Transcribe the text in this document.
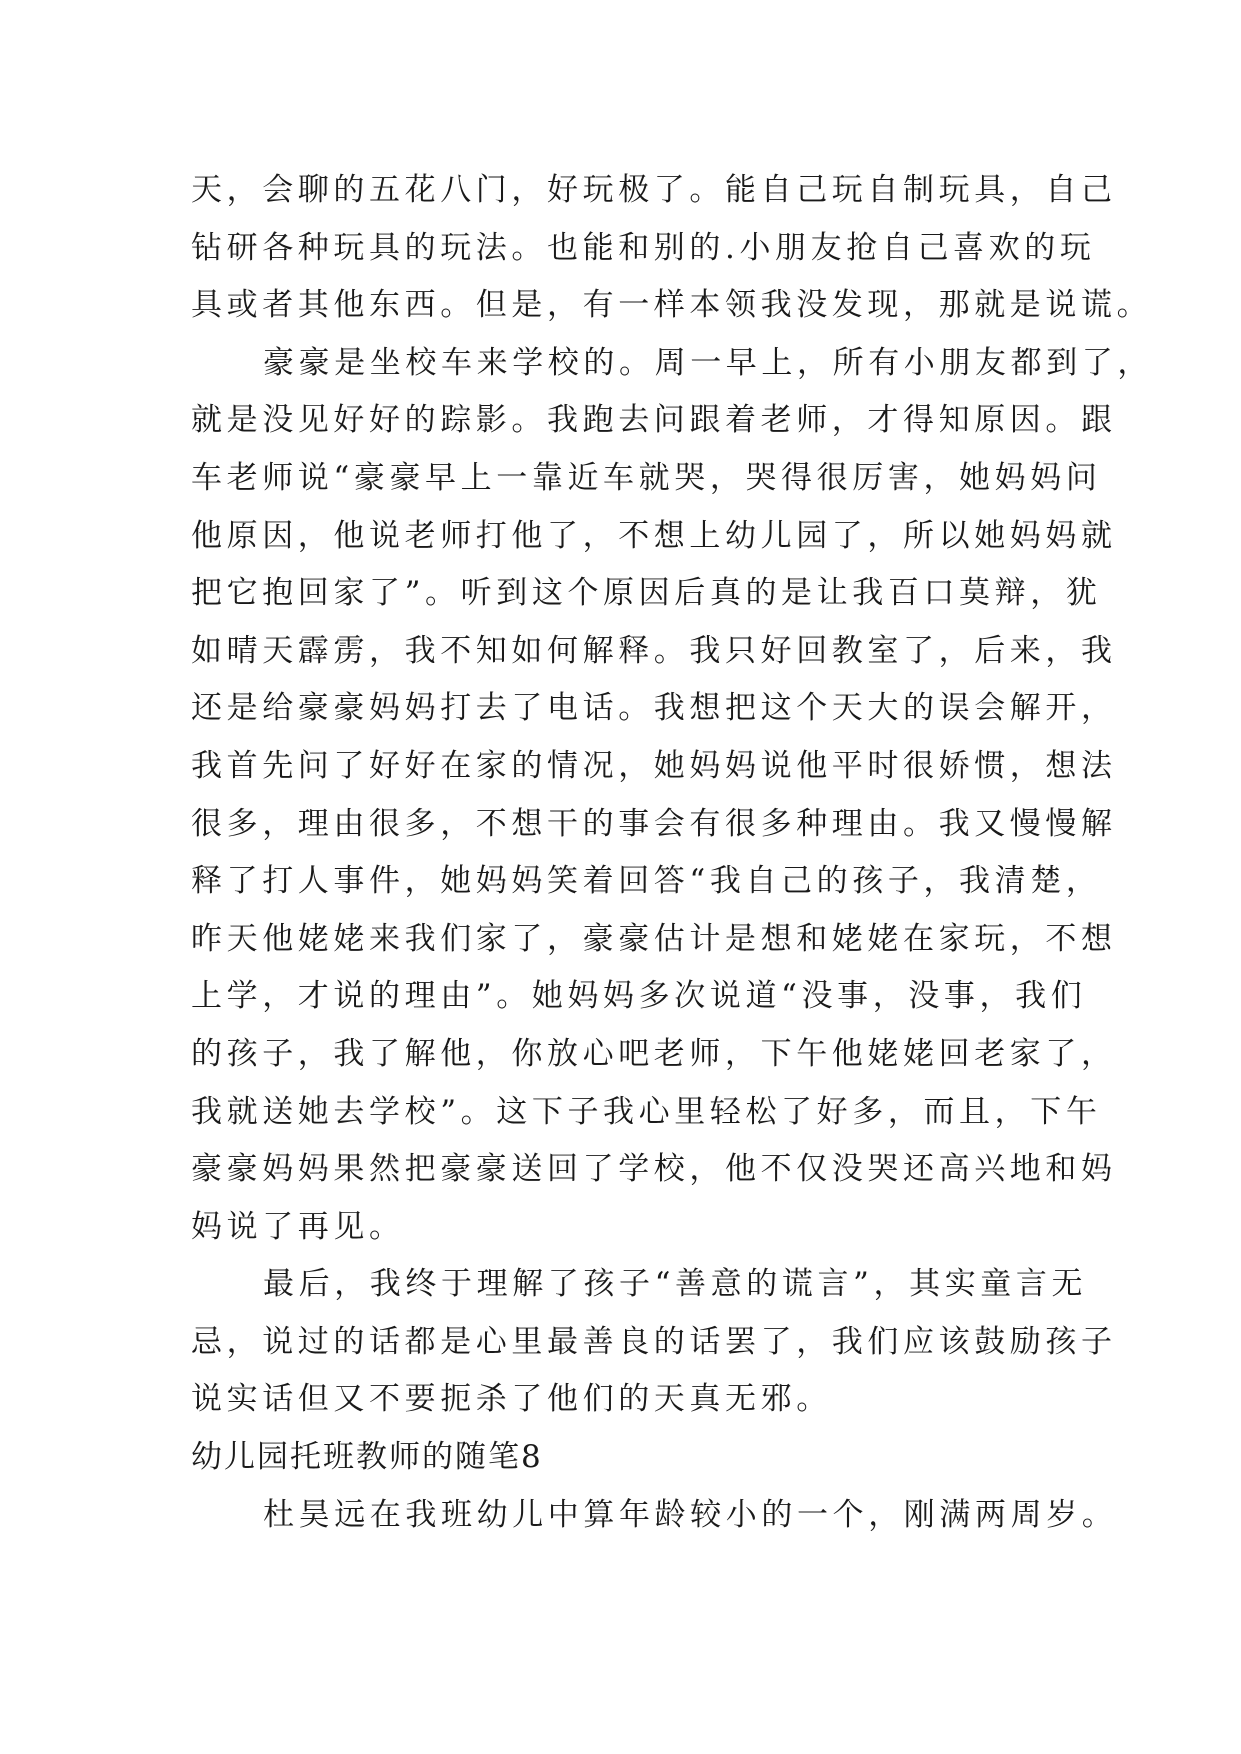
天，会聊的五花八门，好玩极了。能自己玩自制玩具，自己
钻研各种玩具的玩法。也能和别的.小朋友抢自己喜欢的玩
具或者其他东西。但是，有一样本领我没发现，那就是说谎。
豪豪是坐校车来学校的。周一早上，所有小朋友都到了，
就是没见好好的踪影。我跑去问跟着老师，才得知原因。跟
车老师说“豪豪早上一靠近车就哭，哭得很厉害，她妈妈问
他原因，他说老师打他了，不想上幼儿园了，所以她妈妈就
把它抱回家了”。听到这个原因后真的是让我百口莫辩，犹
如晴天霹雳，我不知如何解释。我只好回教室了，后来，我
还是给豪豪妈妈打去了电话。我想把这个天大的误会解开，
我首先问了好好在家的情况，她妈妈说他平时很娇惯，想法
很多，理由很多，不想干的事会有很多种理由。我又慢慢解
释了打人事件，她妈妈笑着回答“我自己的孩子，我清楚，
昨天他姥姥来我们家了，豪豪估计是想和姥姥在家玩，不想
上学，才说的理由”。她妈妈多次说道“没事，没事，我们
的孩子，我了解他，你放心吧老师，下午他姥姥回老家了，
我就送她去学校”。这下子我心里轻松了好多，而且，下午
豪豪妈妈果然把豪豪送回了学校，他不仅没哭还高兴地和妈
妈说了再见。
最后，我终于理解了孩子“善意的谎言”，其实童言无
忌，说过的话都是心里最善良的话罢了，我们应该鼓励孩子
说实话但又不要扼杀了他们的天真无邪。
幼儿园托班教师的随笔8
杜昊远在我班幼儿中算年龄较小的一个，刚满两周岁。
